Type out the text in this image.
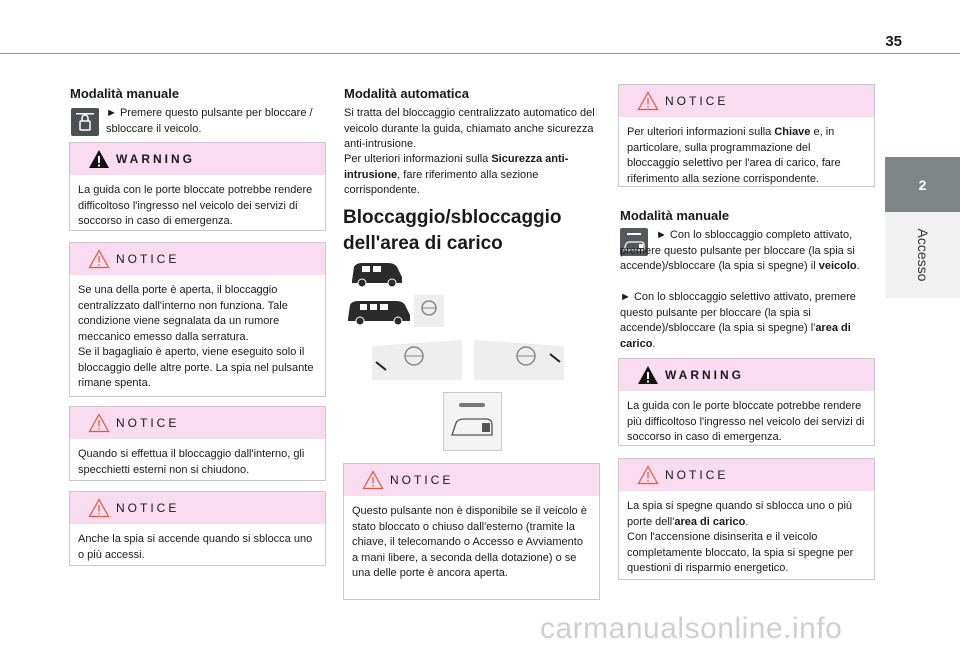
35
2
Accesso
Modalità manuale
► Premere questo pulsante per bloccare / sbloccare il veicolo.
WARNING
La guida con le porte bloccate potrebbe rendere difficoltoso l'ingresso nel veicolo dei servizi di soccorso in caso di emergenza.
NOTICE
Se una della porte è aperta, il bloccaggio centralizzato dall'interno non funziona. Tale condizione viene segnalata da un rumore meccanico emesso dalla serratura.
Se il bagagliaio è aperto, viene eseguito solo il bloccaggio delle altre porte. La spia nel pulsante rimane spenta.
NOTICE
Quando si effettua il bloccaggio dall'interno, gli specchietti esterni non si chiudono.
NOTICE
Anche la spia si accende quando si sblocca uno o più accessi.
Modalità automatica
Si tratta del bloccaggio centralizzato automatico del veicolo durante la guida, chiamato anche sicurezza anti-intrusione.
Per ulteriori informazioni sulla Sicurezza anti-intrusione, fare riferimento alla sezione corrispondente.
Bloccaggio/sbloccaggio
dell'area di carico
NOTICE
Questo pulsante non è disponibile se il veicolo è stato bloccato o chiuso dall'esterno (tramite la chiave, il telecomando o Accesso e Avviamento a mani libere, a seconda della dotazione) o se una delle porte è ancora aperta.
NOTICE
Per ulteriori informazioni sulla Chiave e, in particolare, sulla programmazione del bloccaggio selettivo per l'area di carico, fare riferimento alla sezione corrispondente.
Modalità manuale
► Con lo sbloccaggio completo attivato, premere questo pulsante per bloccare (la spia si accende)/sbloccare (la spia si spegne) il veicolo.
► Con lo sbloccaggio selettivo attivato, premere questo pulsante per bloccare (la spia si accende)/sbloccare (la spia si spegne) l'area di carico.
WARNING
La guida con le porte bloccate potrebbe rendere più difficoltoso l'ingresso nel veicolo dei servizi di soccorso in caso di emergenza.
NOTICE
La spia si spegne quando si sblocca uno o più porte dell'area di carico.
Con l'accensione disinserita e il veicolo completamente bloccato, la spia si spegne per questioni di risparmio energetico.
carmanualsonline.info
